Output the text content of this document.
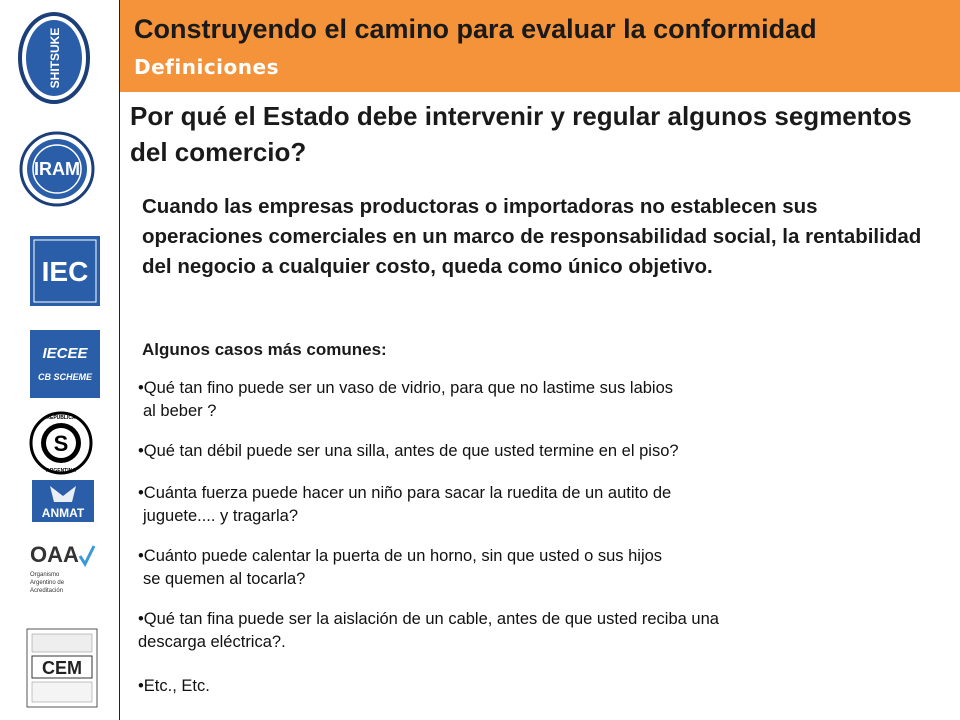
SHITSUKE
IRAM
IEC
IECEE
CB SCHEME
S
REPUBLICA
ARGENTINA
ANMAT
OAA
Organismo
Argentino de
Acreditación
CEM
Construyendo el camino para evaluar la conformidad
Definiciones
Por qué el Estado debe intervenir y regular algunos segmentos del comercio?
Cuando las empresas productoras o importadoras no establecen sus operaciones comerciales en un marco de responsabilidad social, la rentabilidad del negocio a cualquier costo, queda como único objetivo.
Algunos casos más comunes:
•Qué tan fino puede ser un vaso de vidrio, para que no lastime sus labios
al beber ?
•Qué tan débil puede ser una silla, antes de que usted termine en el piso?
•Cuánta fuerza puede hacer un niño para sacar la ruedita de un autito de
juguete.... y tragarla?
•Cuánto puede calentar la puerta de un horno, sin que usted o sus hijos
se quemen al tocarla?
•Qué tan fina puede ser la aislación de un cable, antes de que usted reciba una
descarga eléctrica?.
•Etc., Etc.
